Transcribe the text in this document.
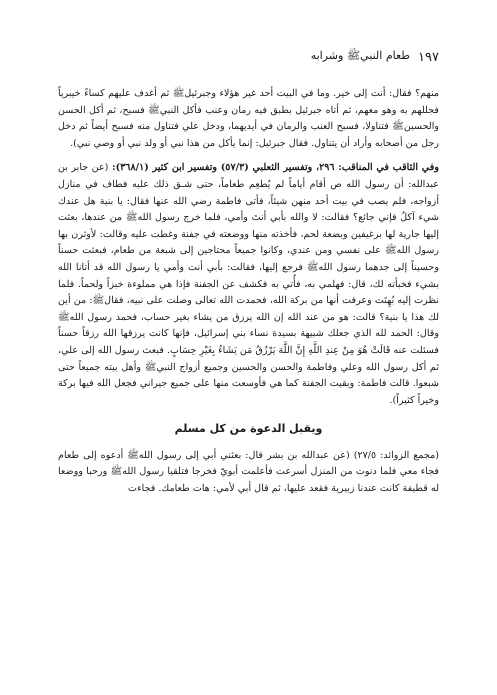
١٩٧
طعام النبيﷺ وشرابه

منهم؟ فقال: أنت إلى خير. وما في البيت أحد غير هؤلاء وجبرئيلﷺ ثم أغدف عليهم كساءً خيبرياً فجللهم به وهو معهم، ثم أتاه جبرئيل بطبق فيه رمان وعنب فأكل النبيﷺ فسبح، ثم أكل الحسن والحسينﷺ فتناولا، فسبح العنب والرمان في أيديهما، ودخل علي فتناول منه فسبح أيضاً ثم دخل رجل من أصحابه وأراد أن يتناول. فقال جبرئيل: إنما يأكل من هذا نبي أو ولد نبي أو وصي نبي).

وفي الثاقب في المناقب: ٢٩٦، وتفسير الثعلبي (٥٧/٣) وتفسير ابن كثير (٣٦٨/١): (عن جابر بن عبدالله: أن رسول الله ص أقام أياماً لم يُطعِم طعاماً، حتى شـق ذلك عليه فطاف في منازل أزواجه، فلم يصب في بيت أحد منهن شيئاً، فأتى فاطمة رضي الله عنها فقال: يا بنية هل عندك شيء آكلُ فإني جائع؟ فقالت: لا والله بأبي أنتَ وأمي، فلما خرج رسول اللهﷺ من عندها، بعثت إليها جارية لها برغيفين وبضعة لحم، فأخذته منها ووضعته في جفنة وغطت عليه وقالت: لأوثرن بها رسول اللهﷺ على نفسي ومن عندي، وكانوا جميعاً محتاجين إلى شبعة من طعام، فبعثت حسناً وحسيناً إلى جدهما رسول اللهﷺ فرجع إليها، فقالت: بأبي أنت وأمي يا رسول الله قد أتانا الله بشيء فخبأته لك، قال: فهلمي به، فأُتي به فكشف عن الجفنة فإذا هي مملوءة خبزاً ولحماً. فلما نظرت إليه بُهِتَت وعرفت أنها من بركة الله، فحمدت الله تعالى وصلت على نبيه، فقالﷺ: من أين لك هذا يا بنية؟ قالت: هو من عند الله إن الله يرزق من يشاء بغير حساب، فحمد رسول اللهﷺ وقال: الحمد لله الذي جعلك شبيهة بسيدة نساء بني إسرائيل، فإنها كانت يرزقها الله رزقاً حسناً فسئلت عنه قَالَتْ هُوَ مِنْ عِندِ اللَّهِ إِنَّ اللَّهَ يَرْزُقُ مَن يَشَاءُ بِغَيْرِ حِسَابٍ. فبعث رسول الله إلى علي، ثم أكل رسول الله وعلي وفاطمة والحسن والحسين وجميع أزواج النبيﷺ وأهل بيته جميعاً حتى شبعوا. قالت فاطمة: وبقيت الجفنة كما هي فأوسعت منها على جميع جيراني فجعل الله فيها بركة وخيراً كثيراً).

ويقبل الدعوة من كل مسلم

(مجمع الزوائد: ٢٧/٥) (عن عبدالله بن بشر قال: بعثني أبي إلى رسول اللهﷺ أدعوه إلى طعام فجاء معي فلما دنوت من المنزل أسرعت فأعلمت أبويّ فخرجا فتلقيا رسول اللهﷺ ورحبا ووضعا له قطيفة كانت عندنا زبيرية فقعد عليها، ثم قال أبي لأمي: هات طعامك. فجاءت
